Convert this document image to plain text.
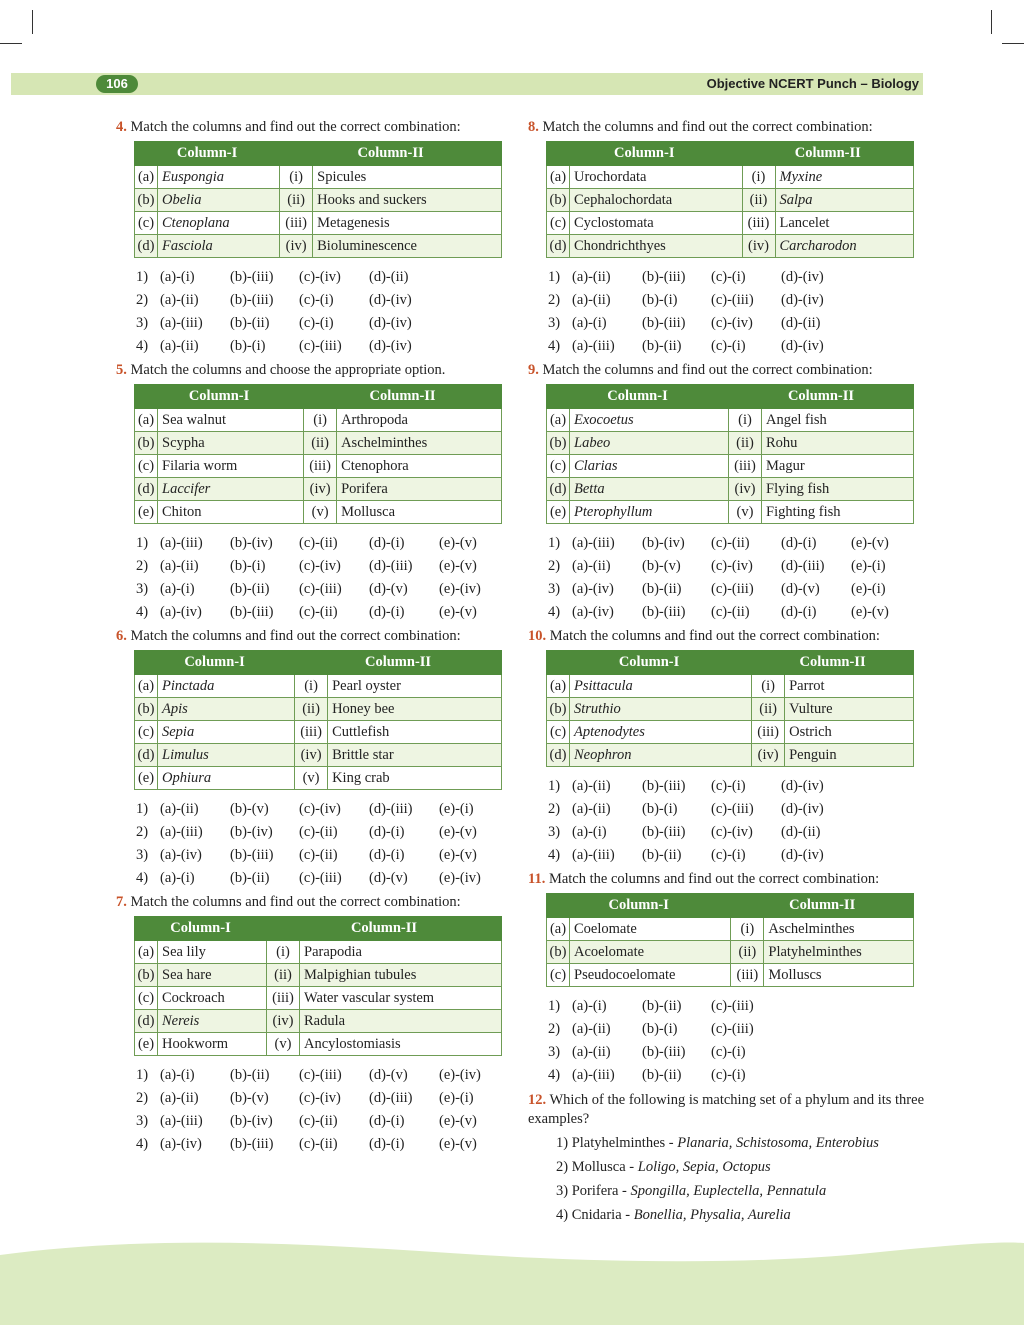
106	Objective NCERT Punch – Biology
4. Match the columns and find out the correct combination:
Column-I		Column-II	
(a)	Euspongia	(i)	Spicules
(b)	Obelia	(ii)	Hooks and suckers
(c)	Ctenoplana	(iii)	Metagenesis
(d)	Fasciola	(iv)	Bioluminescence
1) (a)-(i)	(b)-(iii)	(c)-(iv)	(d)-(ii)
2) (a)-(ii)	(b)-(iii)	(c)-(i)	(d)-(iv)
3) (a)-(iii)	(b)-(ii)	(c)-(i)	(d)-(iv)
4) (a)-(ii)	(b)-(i)	(c)-(iii)	(d)-(iv)
5. Match the columns and choose the appropriate option.
Column-I		Column-II	
(a)	Sea walnut	(i)	Arthropoda
(b)	Scypha	(ii)	Aschelminthes
(c)	Filaria worm	(iii)	Ctenophora
(d)	Laccifer	(iv)	Porifera
(e)	Chiton	(v)	Mollusca
1) (a)-(iii)	(b)-(iv)	(c)-(ii)	(d)-(i)	(e)-(v)
2) (a)-(ii)	(b)-(i)	(c)-(iv)	(d)-(iii)	(e)-(v)
3) (a)-(i)	(b)-(ii)	(c)-(iii)	(d)-(v)	(e)-(iv)
4) (a)-(iv)	(b)-(iii)	(c)-(ii)	(d)-(i)	(e)-(v)
6. Match the columns and find out the correct combination:
Column-I		Column-II	
(a)	Pinctada	(i)	Pearl oyster
(b)	Apis	(ii)	Honey bee
(c)	Sepia	(iii)	Cuttlefish
(d)	Limulus	(iv)	Brittle star
(e)	Ophiura	(v)	King crab
1) (a)-(ii)	(b)-(v)	(c)-(iv)	(d)-(iii)	(e)-(i)
2) (a)-(iii)	(b)-(iv)	(c)-(ii)	(d)-(i)	(e)-(v)
3) (a)-(iv)	(b)-(iii)	(c)-(ii)	(d)-(i)	(e)-(v)
4) (a)-(i)	(b)-(ii)	(c)-(iii)	(d)-(v)	(e)-(iv)
7. Match the columns and find out the correct combination:
Column-I		Column-II	
(a)	Sea lily	(i)	Parapodia
(b)	Sea hare	(ii)	Malpighian tubules
(c)	Cockroach	(iii)	Water vascular system
(d)	Nereis	(iv)	Radula
(e)	Hookworm	(v)	Ancylostomiasis
1) (a)-(i)	(b)-(ii)	(c)-(iii)	(d)-(v)	(e)-(iv)
2) (a)-(ii)	(b)-(v)	(c)-(iv)	(d)-(iii)	(e)-(i)
3) (a)-(iii)	(b)-(iv)	(c)-(ii)	(d)-(i)	(e)-(v)
4) (a)-(iv)	(b)-(iii)	(c)-(ii)	(d)-(i)	(e)-(v)
8. Match the columns and find out the correct combination:
Column-I		Column-II	
(a)	Urochordata	(i)	Myxine
(b)	Cephalochordata	(ii)	Salpa
(c)	Cyclostomata	(iii)	Lancelet
(d)	Chondrichthyes	(iv)	Carcharodon
1) (a)-(ii)	(b)-(iii)	(c)-(i)	(d)-(iv)
2) (a)-(ii)	(b)-(i)	(c)-(iii)	(d)-(iv)
3) (a)-(i)	(b)-(iii)	(c)-(iv)	(d)-(ii)
4) (a)-(iii)	(b)-(ii)	(c)-(i)	(d)-(iv)
9. Match the columns and find out the correct combination:
Column-I		Column-II	
(a)	Exocoetus	(i)	Angel fish
(b)	Labeo	(ii)	Rohu
(c)	Clarias	(iii)	Magur
(d)	Betta	(iv)	Flying fish
(e)	Pterophyllum	(v)	Fighting fish
1) (a)-(iii)	(b)-(iv)	(c)-(ii)	(d)-(i)	(e)-(v)
2) (a)-(ii)	(b)-(v)	(c)-(iv)	(d)-(iii)	(e)-(i)
3) (a)-(iv)	(b)-(ii)	(c)-(iii)	(d)-(v)	(e)-(i)
4) (a)-(iv)	(b)-(iii)	(c)-(ii)	(d)-(i)	(e)-(v)
10. Match the columns and find out the correct combination:
Column-I		Column-II	
(a)	Psittacula	(i)	Parrot
(b)	Struthio	(ii)	Vulture
(c)	Aptenodytes	(iii)	Ostrich
(d)	Neophron	(iv)	Penguin
1) (a)-(ii)	(b)-(iii)	(c)-(i)	(d)-(iv)
2) (a)-(ii)	(b)-(i)	(c)-(iii)	(d)-(iv)
3) (a)-(i)	(b)-(iii)	(c)-(iv)	(d)-(ii)
4) (a)-(iii)	(b)-(ii)	(c)-(i)	(d)-(iv)
11. Match the columns and find out the correct combination:
Column-I		Column-II	
(a)	Coelomate	(i)	Aschelminthes
(b)	Acoelomate	(ii)	Platyhelminthes
(c)	Pseudocoelomate	(iii)	Molluscs
1) (a)-(i)	(b)-(ii)	(c)-(iii)
2) (a)-(ii)	(b)-(i)	(c)-(iii)
3) (a)-(ii)	(b)-(iii)	(c)-(i)
4) (a)-(iii)	(b)-(ii)	(c)-(i)
12. Which of the following is matching set of a phylum and its three examples?
1) Platyhelminthes - Planaria, Schistosoma, Enterobius
2) Mollusca - Loligo, Sepia, Octopus
3) Porifera - Spongilla, Euplectella, Pennatula
4) Cnidaria - Bonellia, Physalia, Aurelia
